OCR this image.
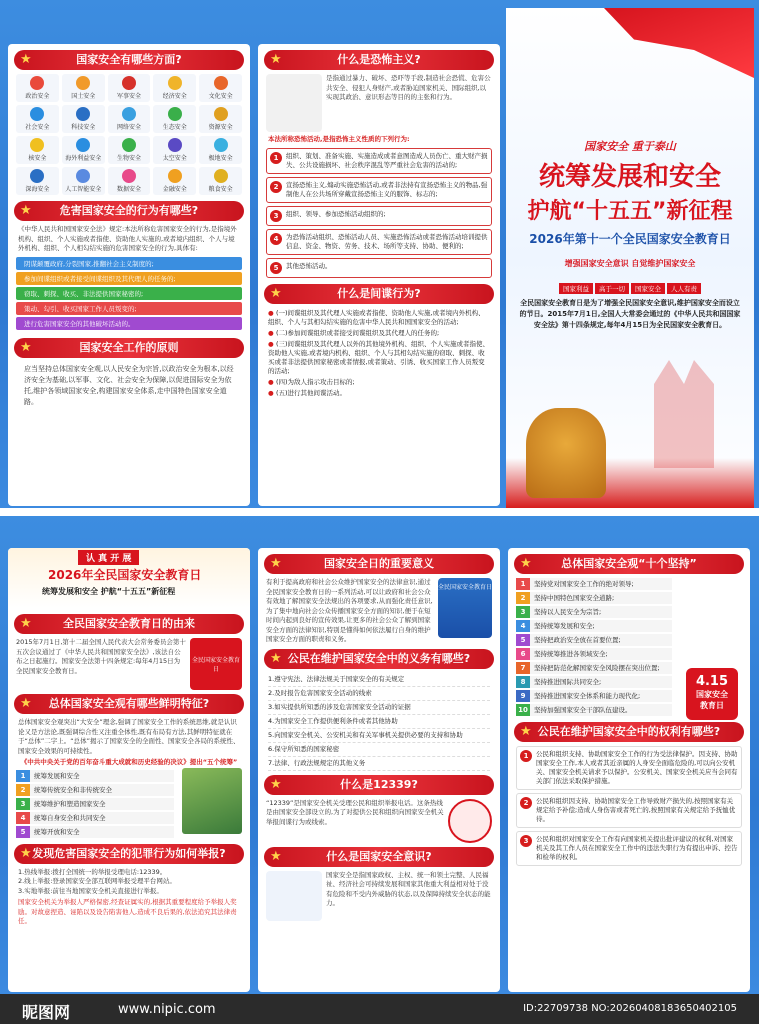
★	国家安全有哪些方面?
政治安全	国土安全	军事安全	经济安全	文化安全
社会安全	科技安全	网络安全	生态安全	资源安全
核安全	海外利益安全	生物安全	太空安全	极地安全
深海安全	人工智能安全	数据安全	金融安全	粮食安全
★	危害国家安全的行为有哪些?
《中华人民共和国国家安全法》规定:本法所称危害国家安全的行为,是指境外机构、组织、个人实施或者指使、资助他人实施的,或者境内组织、个人与境外机构、组织、个人相勾结实施的危害国家安全的行为,具体有:
阴谋颠覆政府,分裂国家,推翻社会主义制度的;
参加间谍组织或者接受间谍组织及其代理人的任务的;
窃取、刺探、收买、非法提供国家秘密的;
策动、勾引、收买国家工作人员叛变的;
进行危害国家安全的其他破坏活动的。
★	国家安全工作的原则
应当坚持总体国家安全观,以人民安全为宗旨,以政治安全为根本,以经济安全为基础,以军事、文化、社会安全为保障,以促进国际安全为依托,维护各领域国家安全,构建国家安全体系,走中国特色国家安全道路。
★	什么是恐怖主义?
是指通过暴力、破坏、恐吓等手段,制造社会恐慌、危害公共安全、侵犯人身财产,或者胁迫国家机关、国际组织,以实现其政治、意识形态等目的的主张和行为。
本法所称恐怖活动,是指恐怖主义性质的下列行为:
1	组织、策划、准备实施、实施造成或者意图造成人员伤亡、重大财产损失、公共设施损坏、社会秩序混乱等严重社会危害的活动的;
2	宣扬恐怖主义,煽动实施恐怖活动,或者非法持有宣扬恐怖主义的物品,强制他人在公共场所穿戴宣扬恐怖主义的服饰、标志的;
3	组织、领导、参加恐怖活动组织的;
4	为恐怖活动组织、恐怖活动人员、实施恐怖活动或者恐怖活动培训提供信息、资金、物资、劳务、技术、场所等支持、协助、便利的;
5	其他恐怖活动。
★	什么是间谍行为?
● (一)间谍组织及其代理人实施或者指使、资助他人实施,或者境内外机构、组织、个人与其相勾结实施的危害中华人民共和国国家安全的活动;
● (二)参加间谍组织或者接受间谍组织及其代理人的任务的;
● (三)间谍组织及其代理人以外的其他境外机构、组织、个人实施或者指使、资助他人实施,或者境内机构、组织、个人与其相勾结实施的窃取、刺探、收买或者非法提供国家秘密或者情报,或者策动、引诱、收买国家工作人员叛变的活动;
● (四)为敌人指示攻击目标的;
● (五)进行其他间谍活动。
国家安全 重于泰山
统筹发展和安全
护航“十五五”新征程
2026年第十一个全民国家安全教育日
增强国家安全意识 自觉维护国家安全
国家利益 高于一切 国家安全 人人有责
全民国家安全教育日是为了增强全民国家安全意识,维护国家安全而设立的节日。2015年7月1日,全国人大常委会通过的《中华人民共和国国家安全法》第十四条规定,每年4月15日为全民国家安全教育日。
认 真 开 展
2026年全民国家安全教育日
统筹发展和安全 护航“十五五”新征程
★	全民国家安全教育日的由来
2015年7月1日,第十二届全国人民代表大会常务委员会第十五次会议通过了《中华人民共和国国家安全法》,该法自公布之日起施行。国家安全法第十四条规定:每年4月15日为全民国家安全教育日。
全民国家安全教育日
★ 总体国家安全观有哪些鲜明特征?
总体国家安全观突出“大安全”理念,强调了国家安全工作的系统思维,就是认识论又是方法论,既强调综合性又注重全体性,既有布局有方法,其鲜明特征就在于“总体”二字上。“总体”揭示了国家安全的全面性、国家安全各局的系统性、国家安全效果的可持续性。
《中共中央关于党的百年奋斗重大成就和历史经验的决议》提出“五个统筹”
1	统筹发展和安全
2	统筹传统安全和非传统安全
3	统筹维护和塑造国家安全
4	统筹自身安全和共同安全
5	统筹开放和安全
★ 发现危害国家安全的犯罪行为如何举报?
1.热线举报:拨打全国统一的举报受理电话:12339。
2.线上举报:登录国家安全部互联网举报受理平台网站。
3.实地举报:前往当地国家安全机关直接进行举报。
国家安全机关为举报人严格保密,经查证属实的,根据其重要程度给予举报人奖励。对故意捏造、诬陷以及设告陷害他人,造成不良后果的,依法追究其法律责任。
★	国家安全日的重要意义
有利于提高政府和社会公众维护国家安全的法律意识,通过全民国家安全教育日的一系列活动,可以让政府和社会公众有效地了解国家安全法规出的各项要求,从而强化责任意识,为了集中地向社会公众传播国家安全方面的知识,便于在短时间内起到良好的宣传效果,让更多的社会公众了解到国家安全方面的法律知识,特别是懂得如何依法履行自身的维护国家安全方面的职责和义务。
全民国家安全教育日
★ 公民在维护国家安全中的义务有哪些?
1.遵守宪法、法律法规关于国家安全的有关规定
2.及时报告危害国家安全活动的线索
3.如实提供所知悉的涉及危害国家安全活动的证据
4.为国家安全工作提供便利条件或者其他协助
5.向国家安全机关、公安机关和有关军事机关提供必要的支持和协助
6.保守所知悉的国家秘密
7.法律、行政法规规定的其他义务
★	什么是12339?
“12339”是国家安全机关受理公民和组织举报电话。这条热线是由国家安全部设立的,为了对提供公民和组织向国家安全机关举报间谍行为或线索。
★	什么是国家安全意识?
国家安全是指国家政权、主权、统一和领土完整、人民福祉、经济社会可持续发展和国家其他重大利益相对处于没有危险和不受内外威胁的状态,以及保障持续安全状态的能力。
★	总体国家安全观“十个坚持”
1	坚持党对国家安全工作的绝对领导;
2	坚持中国特色国家安全道路;
3	坚持以人民安全为宗旨;
4	坚持统筹发展和安全;
5	坚持把政治安全放在首要位置;
6	坚持统筹推进各领域安全;
7	坚持把防范化解国家安全风险摆在突出位置;
8	坚持推进国际共同安全;
9	坚持推进国家安全体系和能力现代化;
10 坚持加强国家安全干部队伍建设。
4.15
国家安全
教育日
★ 公民在维护国家安全中的权利有哪些?
1	公民和组织支持、协助国家安全工作的行为受法律保护。因支持、协助国家安全工作,本人或者其近亲属的人身安全面临危险的,可以向公安机关、国家安全机关请求予以保护。公安机关、国家安全机关应当会同有关部门依法采取保护措施。
2	公民和组织因支持、协助国家安全工作导致财产损失的,按照国家有关规定给予补偿;造成人身伤害或者死亡的,按照国家有关规定给予抚恤优待。
3	公民和组织对国家安全工作有向国家机关提出批评建议的权利,对国家机关及其工作人员在国家安全工作中的违法失职行为有提出申诉、控告和检举的权利。
昵图网	www.nipic.com	ID:22709738 NO:20260408183650402105
